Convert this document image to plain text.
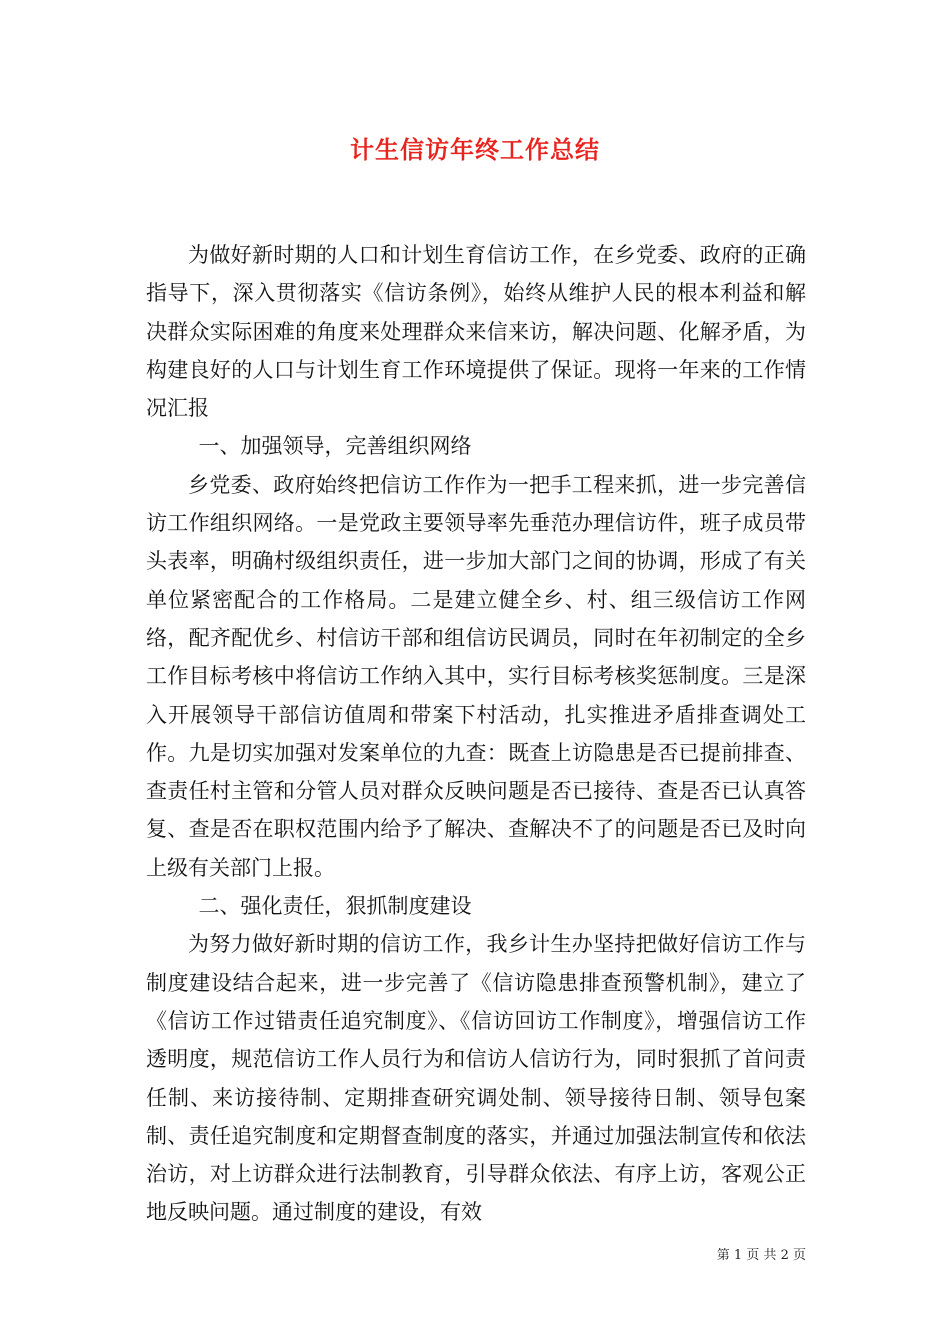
计生信访年终工作总结

为做好新时期的人口和计划生育信访工作，在乡党委、政府的正确指导下，深入贯彻落实《信访条例》，始终从维护人民的根本利益和解决群众实际困难的角度来处理群众来信来访，解决问题、化解矛盾，为构建良好的人口与计划生育工作环境提供了保证。现将一年来的工作情况汇报

一、加强领导，完善组织网络

乡党委、政府始终把信访工作作为一把手工程来抓，进一步完善信访工作组织网络。一是党政主要领导率先垂范办理信访件，班子成员带头表率，明确村级组织责任，进一步加大部门之间的协调，形成了有关单位紧密配合的工作格局。二是建立健全乡、村、组三级信访工作网络，配齐配优乡、村信访干部和组信访民调员，同时在年初制定的全乡工作目标考核中将信访工作纳入其中，实行目标考核奖惩制度。三是深入开展领导干部信访值周和带案下村活动，扎实推进矛盾排查调处工作。九是切实加强对发案单位的九查：既查上访隐患是否已提前排查、查责任村主管和分管人员对群众反映问题是否已接待、查是否已认真答复、查是否在职权范围内给予了解决、查解决不了的问题是否已及时向上级有关部门上报。

二、强化责任，狠抓制度建设

为努力做好新时期的信访工作，我乡计生办坚持把做好信访工作与制度建设结合起来，进一步完善了《信访隐患排查预警机制》，建立了《信访工作过错责任追究制度》、《信访回访工作制度》，增强信访工作透明度，规范信访工作人员行为和信访人信访行为，同时狠抓了首问责任制、来访接待制、定期排查研究调处制、领导接待日制、领导包案制、责任追究制度和定期督查制度的落实，并通过加强法制宣传和依法治访，对上访群众进行法制教育，引导群众依法、有序上访，客观公正地反映问题。通过制度的建设，有效

第 1 页 共 2 页
